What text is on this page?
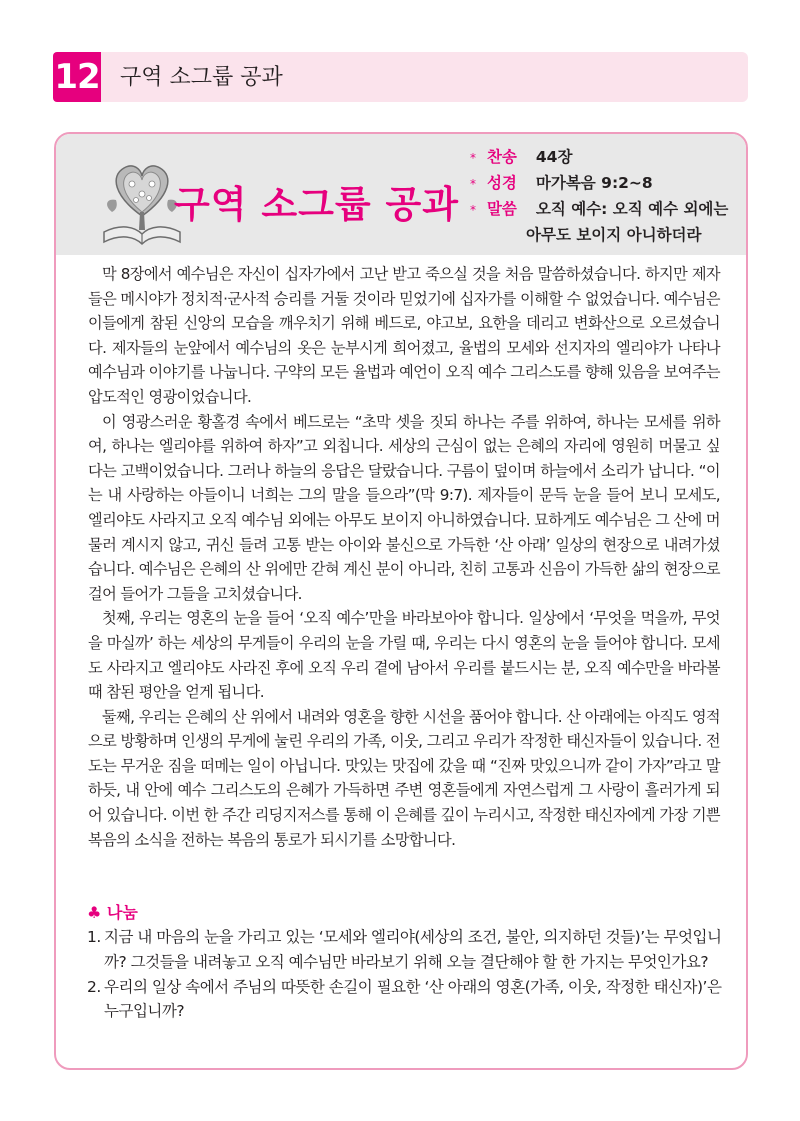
12 구역 소그룹 공과
구역 소그룹 공과
* 찬송 44장
* 성경 마가복음 9:2~8
* 말씀 오직 예수: 오직 예수 외에는
아무도 보이지 아니하더라

막 8장에서 예수님은 자신이 십자가에서 고난 받고 죽으실 것을 처음 말씀하셨습니다. 하지만 제자들은 메시야가 정치적·군사적 승리를 거둘 것이라 믿었기에 십자가를 이해할 수 없었습니다. 예수님은 이들에게 참된 신앙의 모습을 깨우치기 위해 베드로, 야고보, 요한을 데리고 변화산으로 오르셨습니다. 제자들의 눈앞에서 예수님의 옷은 눈부시게 희어졌고, 율법의 모세와 선지자의 엘리야가 나타나 예수님과 이야기를 나눕니다. 구약의 모든 율법과 예언이 오직 예수 그리스도를 향해 있음을 보여주는 압도적인 영광이었습니다.

이 영광스러운 황홀경 속에서 베드로는 “초막 셋을 짓되 하나는 주를 위하여, 하나는 모세를 위하여, 하나는 엘리야를 위하여 하자”고 외칩니다. 세상의 근심이 없는 은혜의 자리에 영원히 머물고 싶다는 고백이었습니다. 그러나 하늘의 응답은 달랐습니다. 구름이 덮이며 하늘에서 소리가 납니다. “이는 내 사랑하는 아들이니 너희는 그의 말을 들으라”(막 9:7). 제자들이 문득 눈을 들어 보니 모세도, 엘리야도 사라지고 오직 예수님 외에는 아무도 보이지 아니하였습니다. 묘하게도 예수님은 그 산에 머물러 계시지 않고, 귀신 들려 고통 받는 아이와 불신으로 가득한 ‘산 아래’ 일상의 현장으로 내려가셨습니다. 예수님은 은혜의 산 위에만 갇혀 계신 분이 아니라, 친히 고통과 신음이 가득한 삶의 현장으로 걸어 들어가 그들을 고치셨습니다.

첫째, 우리는 영혼의 눈을 들어 ‘오직 예수’만을 바라보아야 합니다. 일상에서 ‘무엇을 먹을까, 무엇을 마실까’ 하는 세상의 무게들이 우리의 눈을 가릴 때, 우리는 다시 영혼의 눈을 들어야 합니다. 모세도 사라지고 엘리야도 사라진 후에 오직 우리 곁에 남아서 우리를 붙드시는 분, 오직 예수만을 바라볼 때 참된 평안을 얻게 됩니다.

둘째, 우리는 은혜의 산 위에서 내려와 영혼을 향한 시선을 품어야 합니다. 산 아래에는 아직도 영적으로 방황하며 인생의 무게에 눌린 우리의 가족, 이웃, 그리고 우리가 작정한 태신자들이 있습니다. 전도는 무거운 짐을 떠메는 일이 아닙니다. 맛있는 맛집에 갔을 때 “진짜 맛있으니까 같이 가자”라고 말하듯, 내 안에 예수 그리스도의 은혜가 가득하면 주변 영혼들에게 자연스럽게 그 사랑이 흘러가게 되어 있습니다. 이번 한 주간 리딩지저스를 통해 이 은혜를 깊이 누리시고, 작정한 태신자에게 가장 기쁜 복음의 소식을 전하는 복음의 통로가 되시기를 소망합니다.

♣ 나눔
1. 지금 내 마음의 눈을 가리고 있는 ‘모세와 엘리야(세상의 조건, 불안, 의지하던 것들)’는 무엇입니까? 그것들을 내려놓고 오직 예수님만 바라보기 위해 오늘 결단해야 할 한 가지는 무엇인가요?
2. 우리의 일상 속에서 주님의 따뜻한 손길이 필요한 ‘산 아래의 영혼(가족, 이웃, 작정한 태신자)’은 누구입니까?
